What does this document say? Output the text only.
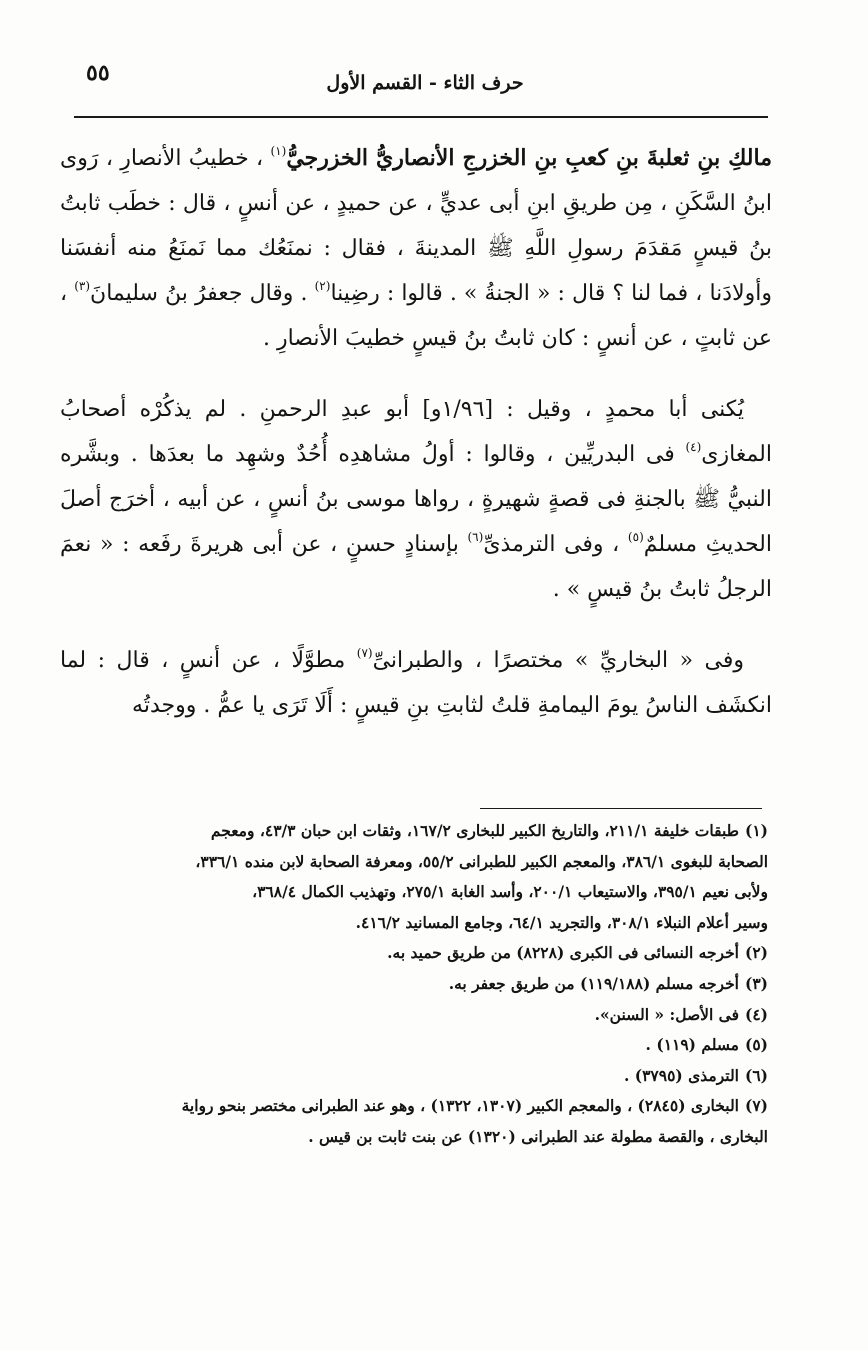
٥٥	حرف الثاء - القسم الأول

مالكِ بنِ ثعلبةَ بنِ كعبِ بنِ الخزرجِ الأنصاريُّ الخزرجيُّ$^{(١)}$ ، خطيبُ الأنصارِ ، رَوى ابنُ السَّكَنِ ، مِن طريقِ ابنِ أبى عديٍّ ، عن حميدٍ ، عن أنسٍ ، قال : خطَب ثابتُ بنُ قيسٍ مَقدَمَ رسولِ اللَّهِ ﷺ المدينةَ ، فقال : نمنَعُك مما نَمنَعُ منه أنفسَنا وأولادَنا ، فما لنا ؟ قال : « الجنةُ » . قالوا : رضِينا$^{(٢)}$ . وقال جعفرُ بنُ سليمانَ$^{(٣)}$ ، عن ثابتٍ ، عن أنسٍ : كان ثابتُ بنُ قيسٍ خطيبَ الأنصارِ .

يُكنى أبا محمدٍ ، وقيل : [١/٩٦و] أبو عبدِ الرحمنِ . لم يذكُرْه أصحابُ المغازى$^{(٤)}$ فى البدريِّين ، وقالوا : أولُ مشاهدِه أُحُدٌ وشهِد ما بعدَها . وبشَّره النبيُّ ﷺ بالجنةِ فى قصةٍ شهيرةٍ ، رواها موسى بنُ أنسٍ ، عن أبيه ، أخرَج أصلَ الحديثِ مسلمٌ$^{(٥)}$ ، وفى الترمذىِّ$^{(٦)}$ بإسنادٍ حسنٍ ، عن أبى هريرةَ رفَعه : « نعمَ الرجلُ ثابتُ بنُ قيسٍ » .

وفى « البخاريِّ » مختصرًا ، والطبرانىِّ$^{(٧)}$ مطوَّلًا ، عن أنسٍ ، قال : لما انكشَف الناسُ يومَ اليمامةِ قلتُ لثابتِ بنِ قيسٍ : أَلَا تَرَى يا عمُّ . ووجدتُه

(١)طبقات خليفة ٢١١/١، والتاريخ الكبير للبخارى ١٦٧/٢، وثقات ابن حبان ٤٣/٣، ومعجم

الصحابة للبغوى ٣٨٦/١، والمعجم الكبير للطبرانى ٥٥/٢، ومعرفة الصحابة لابن منده ٣٣٦/١،

ولأبى نعيم ٣٩٥/١، والاستيعاب ٢٠٠/١، وأسد الغابة ٢٧٥/١، وتهذيب الكمال ٣٦٨/٤،

وسير أعلام النبلاء ٣٠٨/١، والتجريد ٦٤/١، وجامع المسانيد ٤١٦/٢.

(٢)أخرجه النسائى فى الكبرى (٨٢٢٨) من طريق حميد به.

(٣)أخرجه مسلم (١١٩/١٨٨) من طريق جعفر به.

(٤)فى الأصل: « السنن».

(٥)مسلم (١١٩) .

(٦)الترمذى (٣٧٩٥) .

(٧)البخارى (٢٨٤٥) ، والمعجم الكبير (١٣٠٧، ١٣٢٢) ، وهو عند الطبرانى مختصر بنحو رواية

البخارى ، والقصة مطولة عند الطبرانى (١٣٢٠) عن بنت ثابت بن قيس .
